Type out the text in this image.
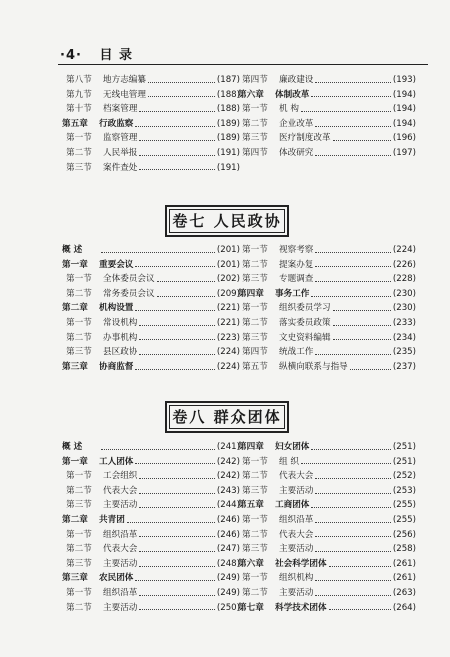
·4· 目 录
第八节	地方志编纂	(187)
第九节	无线电管理	(188)
第十节	档案管理	(188)
第五章	行政监察	(189)
第一节	监察管理	(189)
第二节	人民举报	(191)
第三节	案件查处	(191)
第四节	廉政建设	(193)
第六章	体制改革	(194)
第一节	机 构	(194)
第二节	企业改革	(194)
第三节	医疗制度改革	(196)
第四节	体改研究	(197)
卷七 人民政协
概 述	(201)
第一章	重要会议	(201)
第一节	全体委员会议	(202)
第二节	常务委员会议	(209)
第二章	机构设置	(221)
第一节	常设机构	(221)
第二节	办事机构	(223)
第三节	县区政协	(224)
第三章	协商监督	(224)
第一节	视察考察	(224)
第二节	提案办复	(226)
第三节	专题调查	(228)
第四章	事务工作	(230)
第一节	组织委员学习	(230)
第二节	落实委员政策	(233)
第三节	文史资料编辑	(234)
第四节	统战工作	(235)
第五节	纵横向联系与指导	(237)
卷八 群众团体
概 述	(241)
第一章	工人团体	(242)
第一节	工会组织	(242)
第二节	代表大会	(243)
第三节	主要活动	(244)
第二章	共青团	(246)
第一节	组织沿革	(246)
第二节	代表大会	(247)
第三节	主要活动	(248)
第三章	农民团体	(249)
第一节	组织沿革	(249)
第二节	主要活动	(250)
第四章	妇女团体	(251)
第一节	组 织	(251)
第二节	代表大会	(252)
第三节	主要活动	(253)
第五章	工商团体	(255)
第一节	组织沿革	(255)
第二节	代表大会	(256)
第三节	主要活动	(258)
第六章	社会科学团体	(261)
第一节	组织机构	(261)
第二节	主要活动	(263)
第七章	科学技术团体	(264)
